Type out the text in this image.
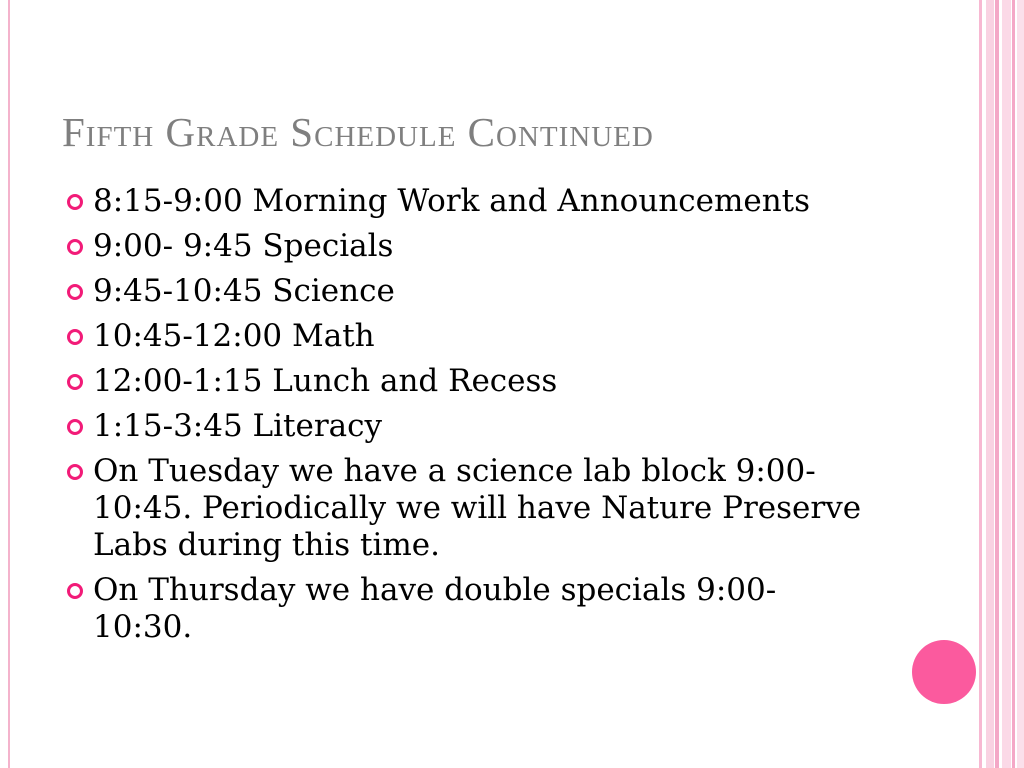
Fifth Grade Schedule Continued
8:15-9:00 Morning Work and Announcements
9:00- 9:45 Specials
9:45-10:45 Science
10:45-12:00 Math
12:00-1:15 Lunch and Recess
1:15-3:45 Literacy
On Tuesday we have a science lab block 9:00-10:45. Periodically we will have Nature Preserve Labs during this time.
On Thursday we have double specials 9:00-10:30.
